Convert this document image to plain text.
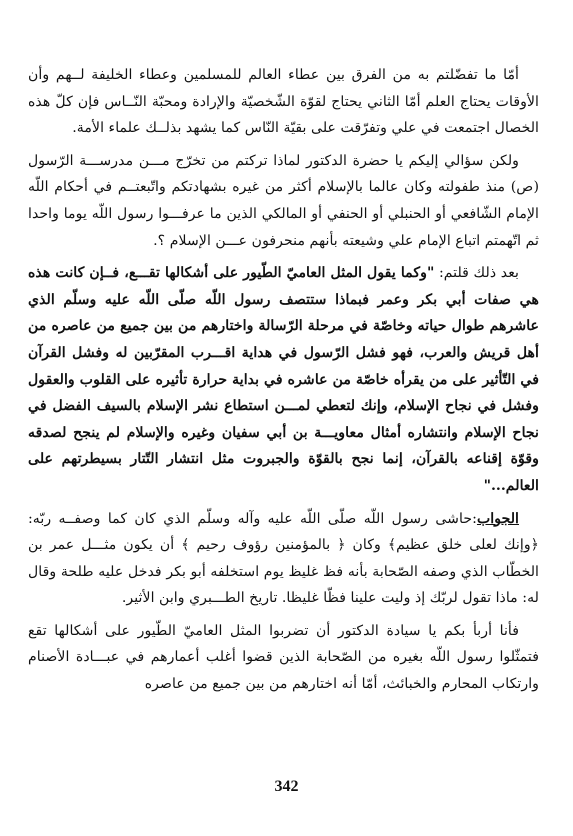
أمّا ما تفضّلتم به من الفرق بين عطاء العالم للمسلمين وعطاء الخليفة لــهم وأن الأوقات يحتاج العلم أمّا الثاني يحتاج لقوّة الشّخصيّة والإرادة ومحبّة النّــاس فإن كلّ هذه الخصال اجتمعت في علي وتفرّقت على بقيّة النّاس كما يشهد بذلــك علماء الأمة.

ولكن سؤالي إليكم يا حضرة الدكتور لماذا تركتم من تخرّج مـــن مدرســـة الرّسول (ص) منذ طفولته وكان عالما بالإسلام أكثر من غيره بشهادتكم واتّبعتــم في أحكام اللّه الإمام الشّافعي أو الحنبلي أو الحنفي أو المالكي الذين ما عرفـــوا رسول اللّه يوما واحدا ثم اتّهمتم اتباع الإمام علي وشيعته بأنهم منحرفون عـــن الإسلام ؟.

بعد ذلك قلتم: "وكما يقول المثل العاميّ الطّيور على أشكالها تقـــع، فــإن كانت هذه هي صفات أبي بكر وعمر فبماذا ستتصف رسول اللّه صلّى اللّه عليه وسلّم الذي عاشرهم طوال حياته وخاصّة في مرحلة الرّسالة واختارهم من بين جميع من عاصره من أهل قريش والعرب، فهو فشل الرّسول في هداية اقـــرب المقرّبين له وفشل القرآن في التّأثير على من يقرأه خاصّة من عاشره في بداية حرارة تأثيره على القلوب والعقول وفشل في نجاح الإسلام، وإنك لتعطي لمـــن استطاع نشر الإسلام بالسيف الفضل في نجاح الإسلام وانتشاره أمثال معاويـــة بن أبي سفيان وغيره والإسلام لم ينجح لصدقه وقوّة إقناعه بالقرآن، إنما نجح بالقوّة والجبروت مثل انتشار التّتار بسيطرتهم على العالم..."

الجواب:حاشى رسول اللّه صلّى اللّه عليه وآله وسلّم الذي كان كما وصفــه ربّه: ﴿وإنك لعلى خلق عظيم﴾ وكان ﴿ بالمؤمنين رؤوف رحيم ﴾ أن يكون مثـــل عمر بن الخطّاب الذي وصفه الصّحابة بأنه فظ غليظ يوم استخلفه أبو بكر فدخل عليه طلحة وقال له: ماذا تقول لربّك إذ وليت علينا فظّا غليظا. تاريخ الطـــبري وابن الأثير.

فأنا أربأ بكم يا سيادة الدكتور أن تضربوا المثل العاميّ الطّيور على أشكالها تقع فتمثّلوا رسول اللّه بغيره من الصّحابة الذين قضوا أغلب أعمارهم في عبـــادة الأصنام وارتكاب المحارم والخبائث، أمّا أنه اختارهم من بين جميع من عاصره

342
